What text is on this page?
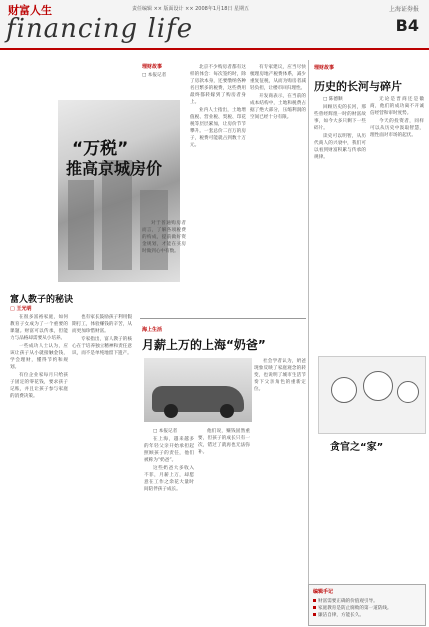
财富人生
financing life
责任编辑 ×× 版面设计 ×× 2008年1月18日 星期五	上海证券报
B4
理财故事
□ 本报记者
“万税”
推高京城房价

北京不少购房者都有这样的体会：每次签约时，除了房款本身，还要缴纳各种名目繁多的税费，这些费用最终都转嫁到了购房者身上。

业内人士指出，土地增值税、营业税、契税、印花税等层层累加，让房价节节攀升。一套总价二百万的房子，税费可能就占到数十万元。

有专家建议，应当尽快梳理房地产税费体系，减少重复征税，从而为购房者减轻负担，让楼市回归理性。

开发商表示，在当前的成本结构中，土地和税费占据了绝大部分，压缩利润的空间已经十分有限。

对于普通购房者而言，了解各项税费的构成，提前做好资金规划，才能在买房时做到心中有数。

富人教子的秘诀
□ 王光明

在很多富裕家庭，如何教育子女成为了一个重要的课题。财富可以传承，但能力与品格却需要从小培养。

一些成功人士认为，应该让孩子从小就接触金钱，学会理财，懂得节约和规划。

有位企业家每月只给孩子固定的零花钱，要求孩子记账，并且让孩子参与家庭的消费决策。

也有家长鼓励孩子利用假期打工，体验赚钱的辛苦，从而更加珍惜财富。

专家指出，富人教子的核心在于培养独立精神和责任意识，而不是单纯地留下遗产。

海上生活
月薪上万的上海“奶爸”

□ 本报记者

在上海，越来越多的年轻父亲开始承担起照顾孩子的责任，他们被称为“奶爸”。

这些奶爸大多收入不菲，月薪上万，却愿意在工作之余花大量时间陪伴孩子成长。

他们说，赚钱固然重要，但孩子的成长只有一次，错过了就再也无法弥补。

社会学者认为，奶爸现象反映了家庭观念的转变，也说明了城市生活节奏下父亲角色的重新定位。

理财故事
历史的长河与碎片

□ 陈德顺

回顾历史的长河，那些曾经辉煌一时的财富故事，如今大多只剩下一些碎片。

读史可以明智，从历代商人的兴衰中，我们可以看到财富积累与传承的规律。

无论是晋商还是徽商，他们的成功离不开诚信经营和审时度势。

今天的投资者，同样可以从历史中汲取智慧，理性面对市场的起伏。

贪官之“家”
编辑手记
财富需要正确的价值观引导。
家庭教育是防止腐败的第一道防线。
廉洁自律，方能长久。
